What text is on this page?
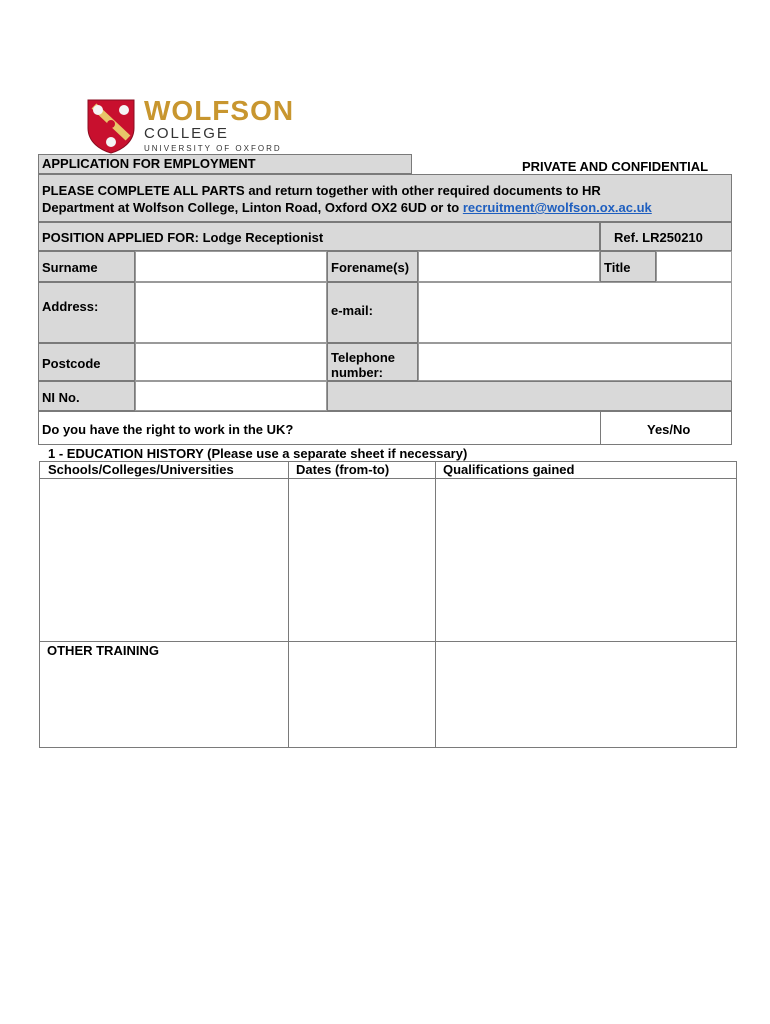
WOLFSON
COLLEGE
UNIVERSITY OF OXFORD
APPLICATION FOR EMPLOYMENT	PRIVATE AND CONFIDENTIAL
PLEASE COMPLETE ALL PARTS and return together with other required documents to HR
Department at Wolfson College, Linton Road, Oxford OX2 6UD or to recruitment@wolfson.ox.ac.uk
POSITION APPLIED FOR: Lodge Receptionist	Ref. LR250210
Surname	Forename(s)	Title
Address:	e-mail:
Postcode	Telephone
number:
NI No.
Do you have the right to work in the UK?	Yes/No
1 - EDUCATION HISTORY (Please use a separate sheet if necessary)
Schools/Colleges/Universities	Dates (from-to)	Qualifications gained
OTHER TRAINING
